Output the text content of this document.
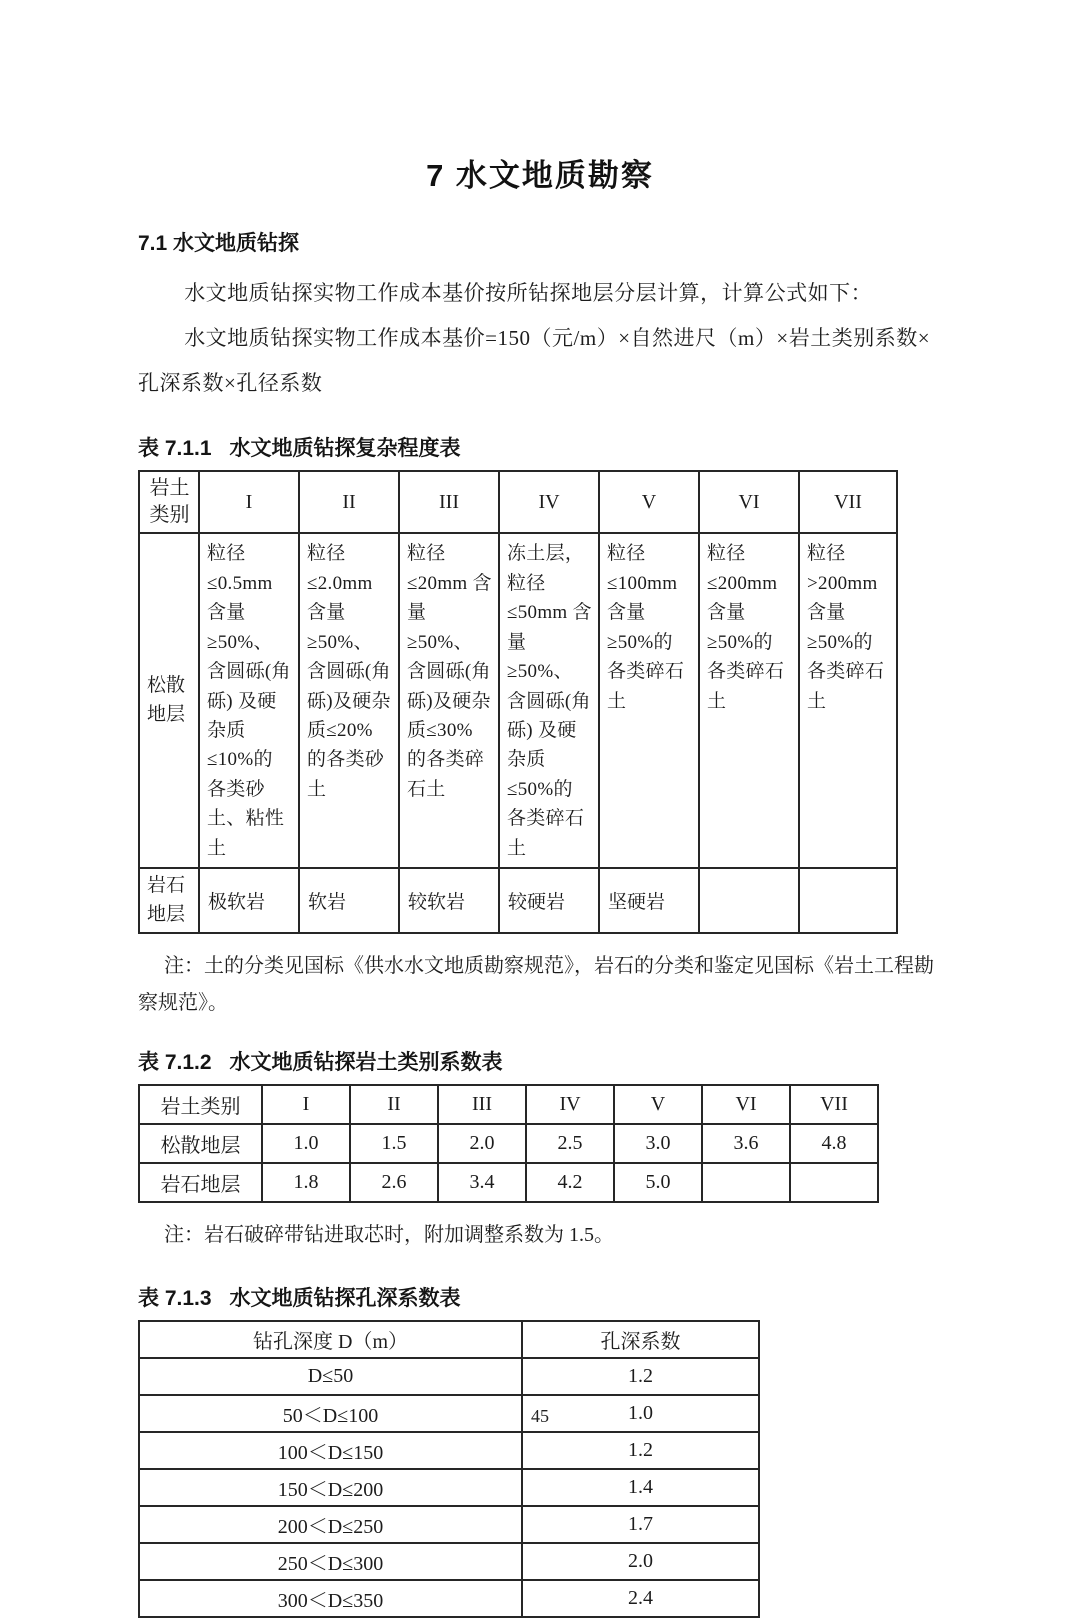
7 水文地质勘察
7.1 水文地质钻探

水文地质钻探实物工作成本基价按所钻探地层分层计算，计算公式如下：

水文地质钻探实物工作成本基价=150（元/m）×自然进尺（m）×岩土类别系数×孔深系数×孔径系数

表 7.1.1 水文地质钻探复杂程度表
岩土类别	I	II	III	IV	V	VI	VII
松散地层	粒径≤0.5mm 含量≥50%、含圆砾(角砾) 及硬杂质≤10%的各类砂土、粘性土	粒径≤2.0mm 含量≥50%、含圆砾(角砾)及硬杂质≤20%的各类砂土	粒径≤20mm 含量≥50%、含圆砾(角砾)及硬杂质≤30%的各类碎石土	冻土层，粒径≤50mm 含量≥50%、含圆砾(角砾) 及硬杂质≤50%的各类碎石土	粒径≤100mm 含量≥50%的各类碎石土	粒径≤200mm 含量≥50%的各类碎石土	粒径>200mm 含量≥50%的各类碎石土
岩石地层	极软岩	软岩	较软岩	较硬岩	坚硬岩		

注：土的分类见国标《供水水文地质勘察规范》，岩石的分类和鉴定见国标《岩土工程勘察规范》。

表 7.1.2 水文地质钻探岩土类别系数表
岩土类别	I	II	III	IV	V	VI	VII
松散地层	1.0	1.5	2.0	2.5	3.0	3.6	4.8
岩石地层	1.8	2.6	3.4	4.2	5.0		

注：岩石破碎带钻进取芯时，附加调整系数为 1.5。

表 7.1.3 水文地质钻探孔深系数表
钻孔深度 D（m）	孔深系数
D≤50	1.2
50＜D≤100	1.0
100＜D≤150	1.2
150＜D≤200	1.4
200＜D≤250	1.7
250＜D≤300	2.0
300＜D≤350	2.4
45
